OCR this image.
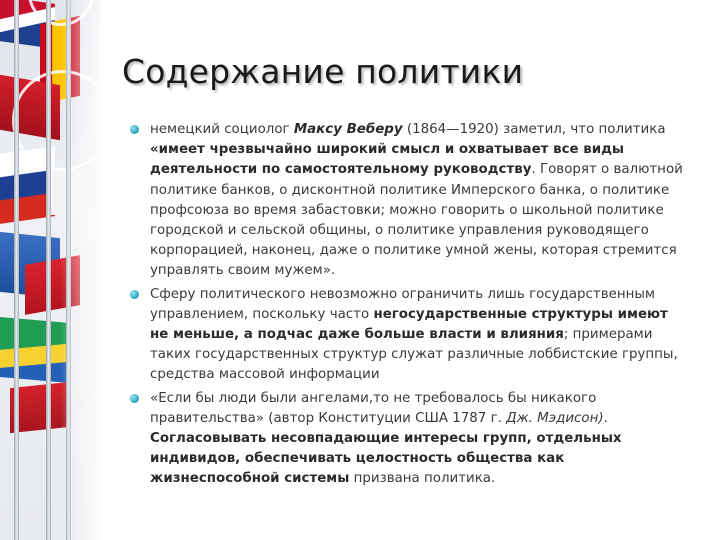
Содержание политики
немецкий социолог Максу Веберу (1864—1920) заметил, что политика «имеет чрезвычайно широкий смысл и охватывает все виды деятельности по самостоятельному руководству. Говорят о валютной политике банков, о дисконтной политике Имперского банка, о политике профсоюза во время забастовки; можно говорить о школьной политике городской и сельской общины, о политике управления руководящего корпорацией, наконец, даже о политике умной жены, которая стремится управлять своим мужем».
Сферу политического невозможно ограничить лишь государственным управлением, поскольку часто негосударственные структуры имеют не меньше, а подчас даже больше власти и влияния; примерами таких государственных структур служат различные лоббистские группы, средства массовой информации
«Если бы люди были ангелами,то не требовалось бы никакого правительства» (автор Конституции США 1787 г. Дж. Мэдисон). Согласовывать несовпадающие интересы групп, отдельных индивидов, обеспечивать целостность общества как жизнеспособной системы призвана политика.
